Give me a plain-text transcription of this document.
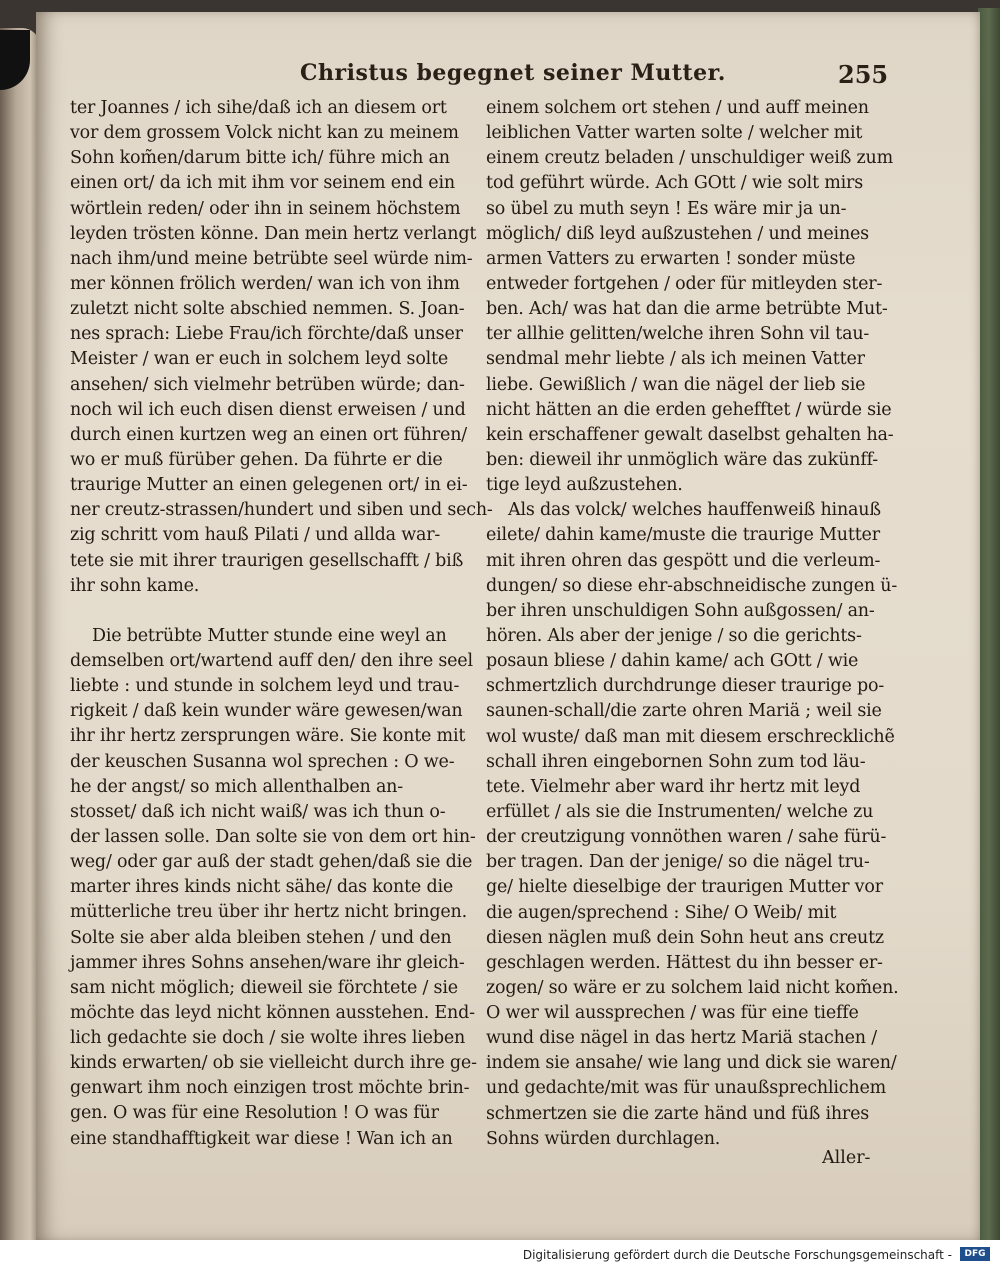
Christus begegnet seiner Mutter.	255
ter Joannes / ich sihe/daß ich an diesem ort
vor dem grossem Volck nicht kan zu meinem
Sohn kom̃en/darum bitte ich/ führe mich an
einen ort/ da ich mit ihm vor seinem end ein
wörtlein reden/ oder ihn in seinem höchstem
leyden trösten könne. Dan mein hertz verlangt
nach ihm/und meine betrübte seel würde nim-
mer können frölich werden/ wan ich von ihm
zuletzt nicht solte abschied nemmen. S. Joan-
nes sprach: Liebe Frau/ich förchte/daß unser
Meister / wan er euch in solchem leyd solte
ansehen/ sich vielmehr betrüben würde; dan-
noch wil ich euch disen dienst erweisen / und
durch einen kurtzen weg an einen ort führen/
wo er muß fürüber gehen. Da führte er die
traurige Mutter an einen gelegenen ort/ in ei-
ner creutz-strassen/hundert und siben und sech-
zig schritt vom hauß Pilati / und allda war-
tete sie mit ihrer traurigen gesellschafft / biß
ihr sohn kame.
Die betrübte Mutter stunde eine weyl an
demselben ort/wartend auff den/ den ihre seel
liebte : und stunde in solchem leyd und trau-
rigkeit / daß kein wunder wäre gewesen/wan
ihr ihr hertz zersprungen wäre. Sie konte mit
der keuschen Susanna wol sprechen : O we-
he der angst/ so mich allenthalben an-
stosset/ daß ich nicht waiß/ was ich thun o-
der lassen solle. Dan solte sie von dem ort hin-
weg/ oder gar auß der stadt gehen/daß sie die
marter ihres kinds nicht sähe/ das konte die
mütterliche treu über ihr hertz nicht bringen.
Solte sie aber alda bleiben stehen / und den
jammer ihres Sohns ansehen/ware ihr gleich-
sam nicht möglich; dieweil sie förchtete / sie
möchte das leyd nicht können ausstehen. End-
lich gedachte sie doch / sie wolte ihres lieben
kinds erwarten/ ob sie vielleicht durch ihre ge-
genwart ihm noch einzigen trost möchte brin-
gen. O was für eine Resolution ! O was für
eine standhafftigkeit war diese ! Wan ich an
einem solchem ort stehen / und auff meinen
leiblichen Vatter warten solte / welcher mit
einem creutz beladen / unschuldiger weiß zum
tod geführt würde. Ach GOtt / wie solt mirs
so übel zu muth seyn ! Es wäre mir ja un-
möglich/ diß leyd außzustehen / und meines
armen Vatters zu erwarten ! sonder müste
entweder fortgehen / oder für mitleyden ster-
ben. Ach/ was hat dan die arme betrübte Mut-
ter allhie gelitten/welche ihren Sohn vil tau-
sendmal mehr liebte / als ich meinen Vatter
liebe. Gewißlich / wan die nägel der lieb sie
nicht hätten an die erden gehefftet / würde sie
kein erschaffener gewalt daselbst gehalten ha-
ben: dieweil ihr unmöglich wäre das zukünff-
tige leyd außzustehen.
Als das volck/ welches hauffenweiß hinauß
eilete/ dahin kame/muste die traurige Mutter
mit ihren ohren das gespött und die verleum-
dungen/ so diese ehr-abschneidische zungen ü-
ber ihren unschuldigen Sohn außgossen/ an-
hören. Als aber der jenige / so die gerichts-
posaun bliese / dahin kame/ ach GOtt / wie
schmertzlich durchdrunge dieser traurige po-
saunen-schall/die zarte ohren Mariä ; weil sie
wol wuste/ daß man mit diesem erschrecklichẽ
schall ihren eingebornen Sohn zum tod läu-
tete. Vielmehr aber ward ihr hertz mit leyd
erfüllet / als sie die Instrumenten/ welche zu
der creutzigung vonnöthen waren / sahe fürü-
ber tragen. Dan der jenige/ so die nägel tru-
ge/ hielte dieselbige der traurigen Mutter vor
die augen/sprechend : Sihe/ O Weib/ mit
diesen näglen muß dein Sohn heut ans creutz
geschlagen werden. Hättest du ihn besser er-
zogen/ so wäre er zu solchem laid nicht kom̃en.
O wer wil aussprechen / was für eine tieffe
wund dise nägel in das hertz Mariä stachen /
indem sie ansahe/ wie lang und dick sie waren/
und gedachte/mit was für unaußsprechlichem
schmertzen sie die zarte händ und füß ihres
Sohns würden durchlagen.
Aller-
Digitalisierung gefördert durch die Deutsche Forschungsgemeinschaft -	DFG
